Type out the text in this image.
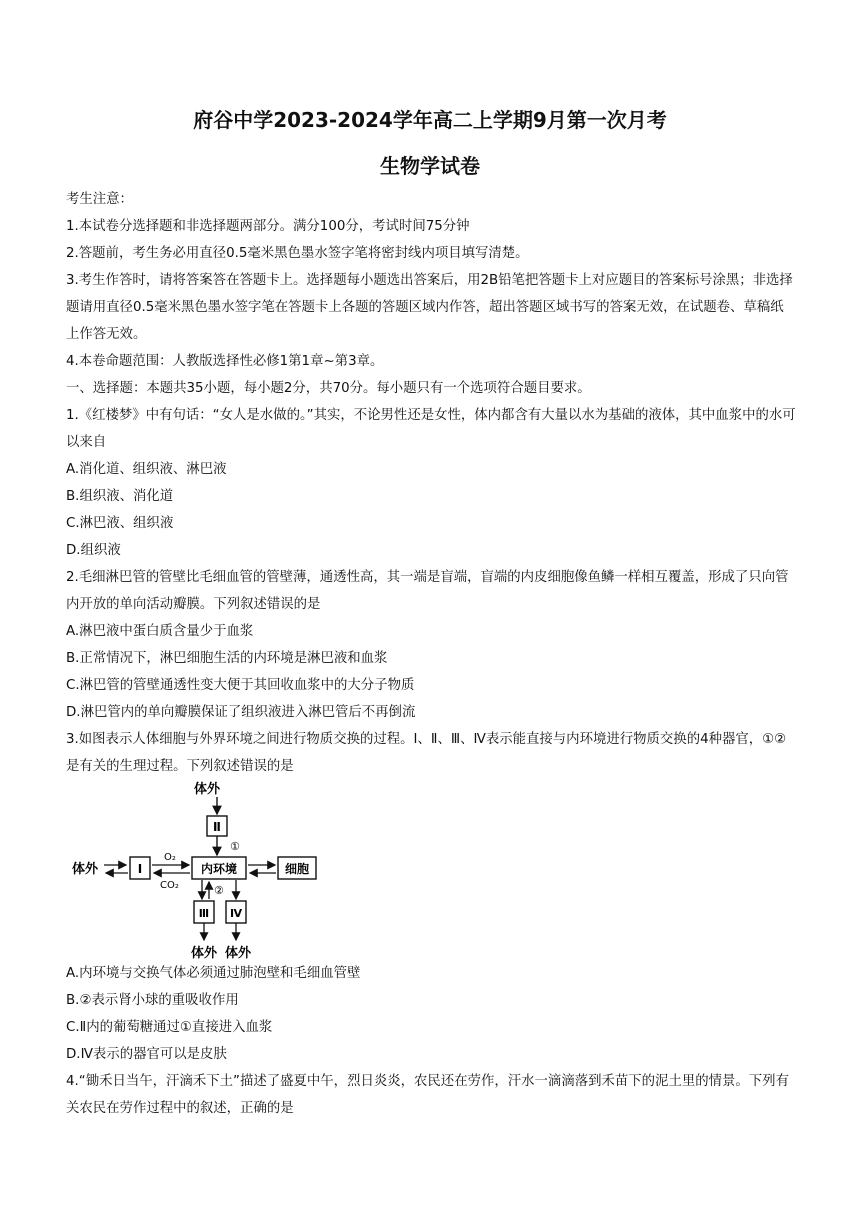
府谷中学2023-2024学年高二上学期9月第一次月考
生物学试卷

考生注意：

1.本试卷分选择题和非选择题两部分。满分100分，考试时间75分钟

2.答题前，考生务必用直径0.5毫米黑色墨水签字笔将密封线内项目填写清楚。

3.考生作答时，请将答案答在答题卡上。选择题每小题选出答案后，用2B铅笔把答题卡上对应题目的答案标号涂黑；非选择题请用直径0.5毫米黑色墨水签字笔在答题卡上各题的答题区域内作答，超出答题区域书写的答案无效，在试题卷、草稿纸上作答无效。

4.本卷命题范围：人教版选择性必修1第1章~第3章。

一、选择题：本题共35小题，每小题2分，共70分。每小题只有一个选项符合题目要求。

1.《红楼梦》中有句话：“女人是水做的。”其实，不论男性还是女性，体内都含有大量以水为基础的液体，其中血浆中的水可以来自

A.消化道、组织液、淋巴液

B.组织液、消化道

C.淋巴液、组织液

D.组织液

2.毛细淋巴管的管壁比毛细血管的管壁薄，通透性高，其一端是盲端，盲端的内皮细胞像鱼鳞一样相互覆盖，形成了只向管内开放的单向活动瓣膜。下列叙述错误的是

A.淋巴液中蛋白质含量少于血浆

B.正常情况下，淋巴细胞生活的内环境是淋巴液和血浆

C.淋巴管的管壁通透性变大便于其回收血浆中的大分子物质

D.淋巴管内的单向瓣膜保证了组织液进入淋巴管后不再倒流

3.如图表示人体细胞与外界环境之间进行物质交换的过程。Ⅰ、Ⅱ、Ⅲ、Ⅳ表示能直接与内环境进行物质交换的4种器官，①②是有关的生理过程。下列叙述错误的是

体外
Ⅱ
①
内环境
体外	Ⅰ
O₂
CO₂
细胞
②
Ⅲ Ⅳ
体外 体外

A.内环境与交换气体必须通过肺泡壁和毛细血管壁

B.②表示肾小球的重吸收作用

C.Ⅱ内的葡萄糖通过①直接进入血浆

D.Ⅳ表示的器官可以是皮肤

4.“锄禾日当午，汗滴禾下土”描述了盛夏中午，烈日炎炎，农民还在劳作，汗水一滴滴落到禾苗下的泥土里的情景。下列有关农民在劳作过程中的叙述，正确的是
